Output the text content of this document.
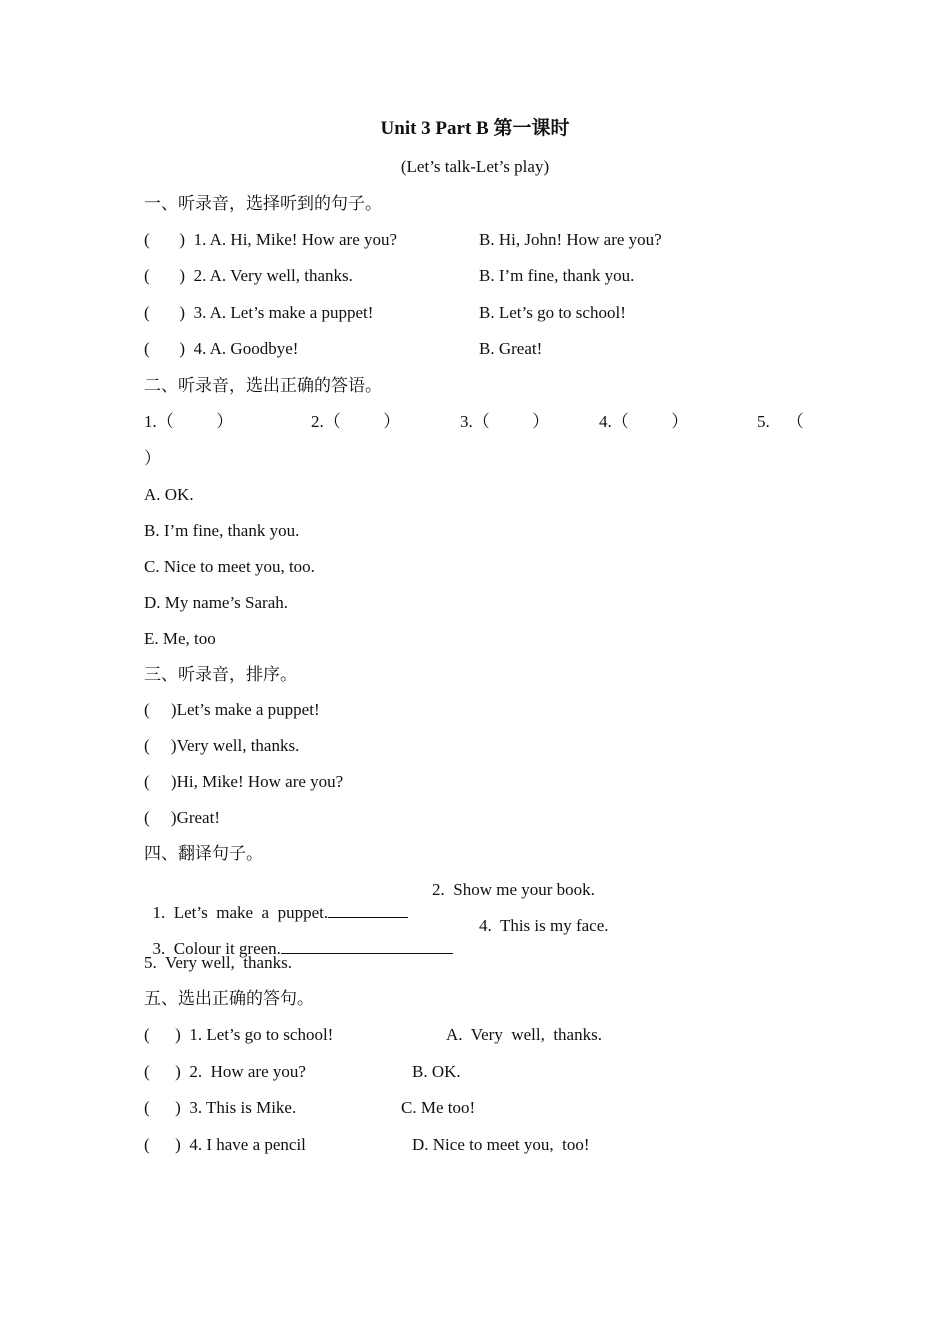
Unit 3 Part B 第一课时
(Let’s talk-Let’s play)
一、听录音，选择听到的句子。
(       )  1. A. Hi, Mike! How are you?	B. Hi, John! How are you?
(       )  2. A. Very well, thanks.	B. I’m fine, thank you.
(       )  3. A. Let’s make a puppet!	B. Let’s go to school!
(       )  4. A. Goodbye!	B. Great!
二、听录音，选出正确的答语。
1.（          ）	2.（          ）	3.（          ）	4.（          ）	5.    （
）
A. OK.
B. I’m fine, thank you.
C. Nice to meet you, too.
D. My name’s Sarah.
E. Me, too
三、听录音，排序。
(     )Let’s make a puppet!
(     )Very well, thanks.
(     )Hi, Mike! How are you?
(     )Great!
四、翻译句子。

1.  Let’s  make  a  puppet.

2.  Show me your book.

3.  Colour it green.

4.  This is my face.
5.  Very well,  thanks.
五、选出正确的答句。
(      )  1. Let’s go to school!	A.  Very  well,  thanks.
(      )  2.  How are you?	B. OK.
(      )  3. This is Mike.	C. Me too!
(      )  4. I have a pencil	D. Nice to meet you,  too!
